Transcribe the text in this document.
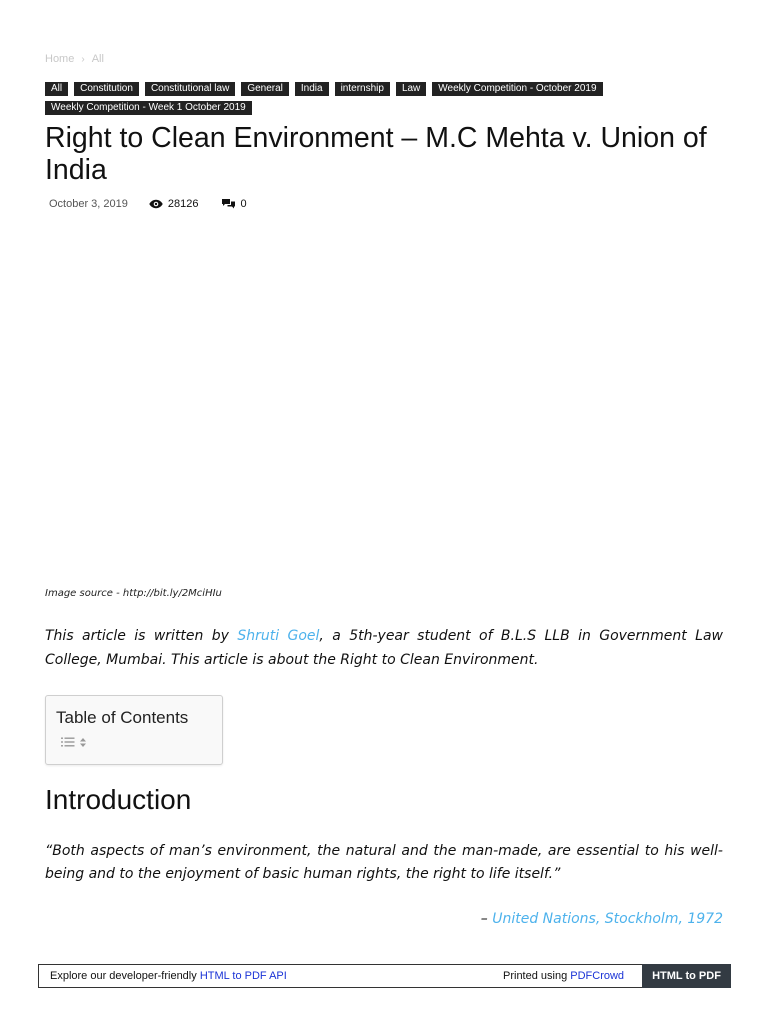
Home › All
All	Constitution	Constitutional law	General	India	internship	Law	Weekly Competition - October 2019
Weekly Competition - Week 1 October 2019
Right to Clean Environment – M.C Mehta v. Union of India
October 3, 2019	28126	0
Image source - http://bit.ly/2MciHIu

This article is written by Shruti Goel, a 5th-year student of B.L.S LLB in Government Law College, Mumbai. This article is about the Right to Clean Environment.

Table of Contents
Introduction

“Both aspects of man’s environment, the natural and the man-made, are essential to his well-being and to the enjoyment of basic human rights, the right to life itself.”

– United Nations, Stockholm, 1972
Explore our developer-friendly HTML to PDF API	Printed using PDFCrowd	HTML to PDF
